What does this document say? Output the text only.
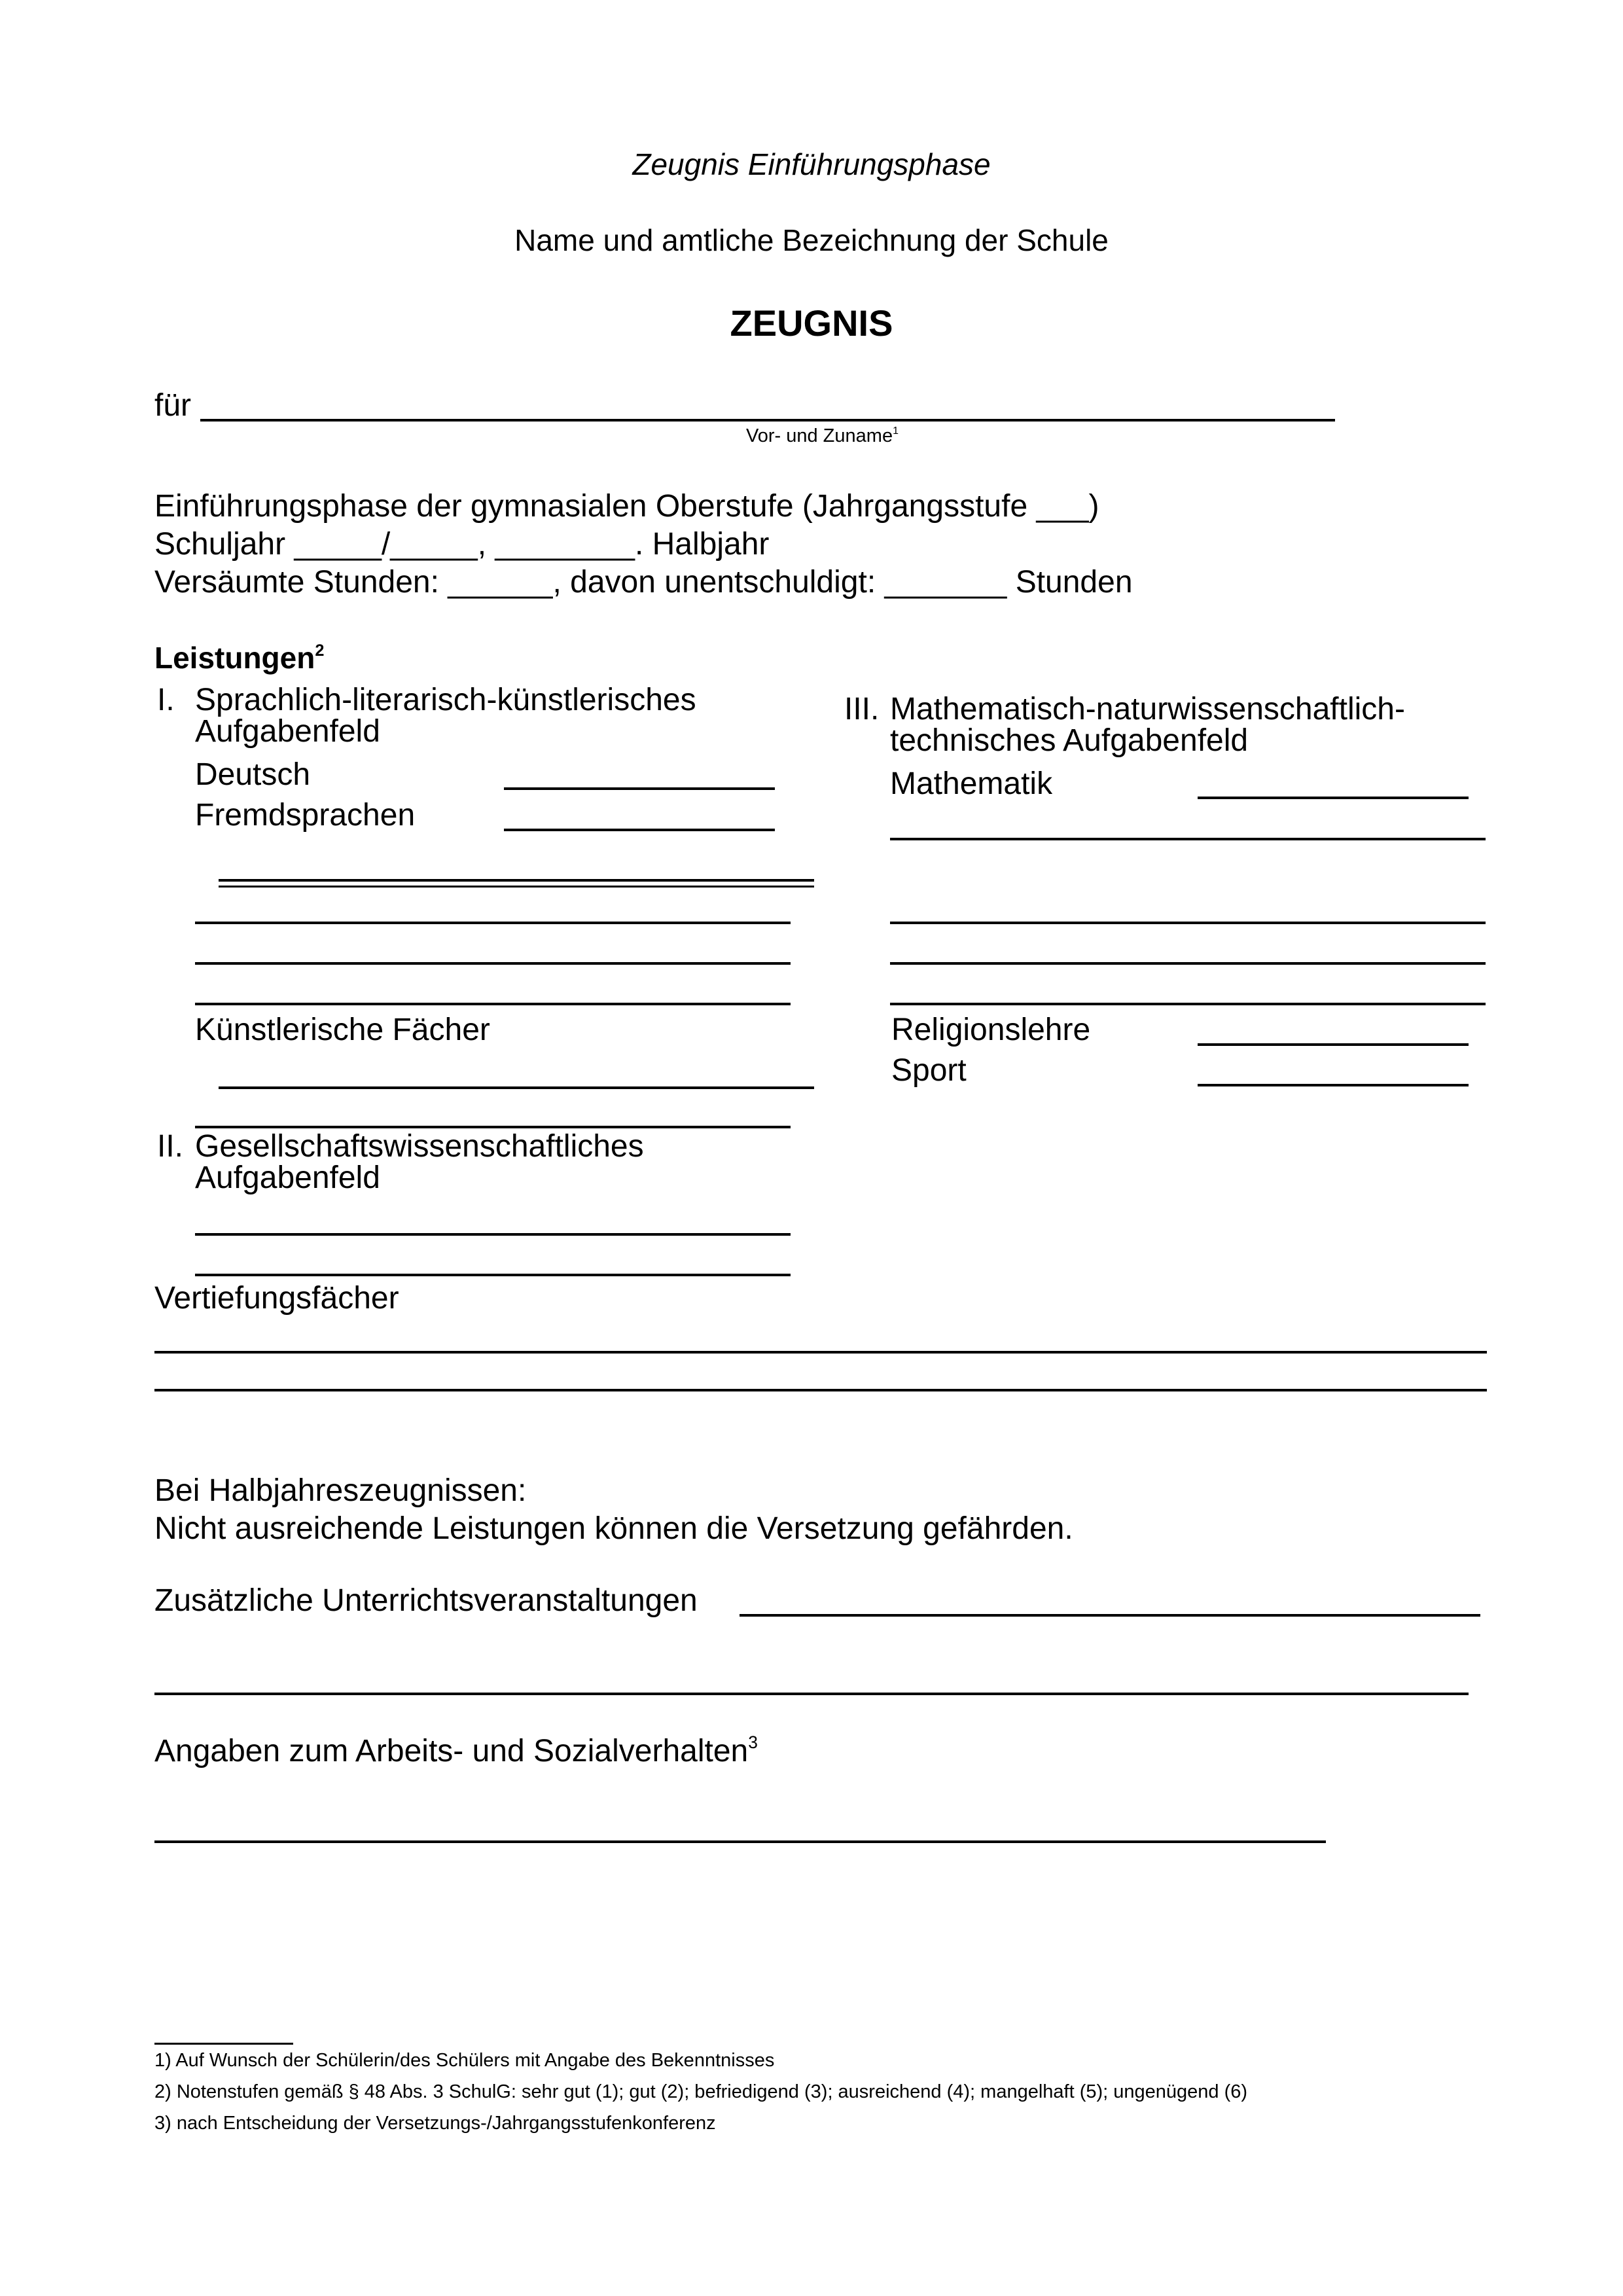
Zeugnis Einführungsphase
Name und amtliche Bezeichnung der Schule
ZEUGNIS
für
Vor- und Zuname$^1$
Einführungsphase der gymnasialen Oberstufe (Jahrgangsstufe ___)
Schuljahr _____/_____, ________. Halbjahr
Versäumte Stunden: ______, davon unentschuldigt: _______ Stunden
Leistungen$^2$
I. Sprachlich-literarisch-künstlerisches
Aufgabenfeld
Deutsch
Fremdsprachen
Künstlerische Fächer
II. Gesellschaftswissenschaftliches
Aufgabenfeld
III. Mathematisch-naturwissenschaftlich-
technisches Aufgabenfeld
Mathematik
Religionslehre
Sport
Vertiefungsfächer
Bei Halbjahreszeugnissen:
Nicht ausreichende Leistungen können die Versetzung gefährden.
Zusätzliche Unterrichtsveranstaltungen
Angaben zum Arbeits- und Sozialverhalten$^3$
1) Auf Wunsch der Schülerin/des Schülers mit Angabe des Bekenntnisses
2) Notenstufen gemäß § 48 Abs. 3 SchulG: sehr gut (1); gut (2); befriedigend (3); ausreichend (4); mangelhaft (5); ungenügend (6)
3) nach Entscheidung der Versetzungs-/Jahrgangsstufenkonferenz
